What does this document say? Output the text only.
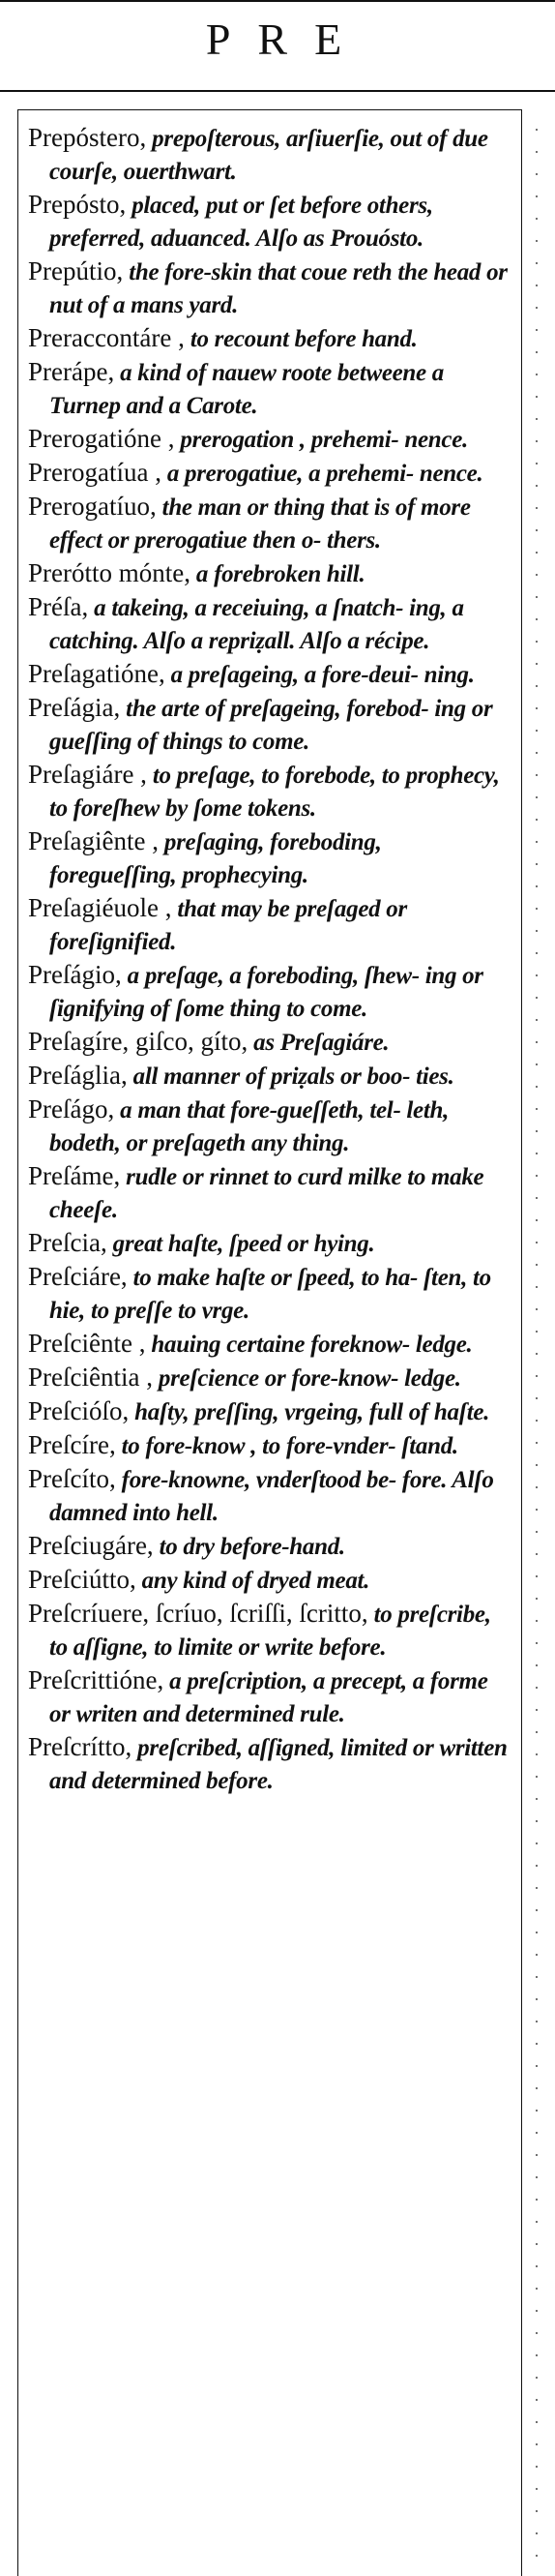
PRE

Prepóstero, prepoſterous, arſiuerſie, out of due courſe, ouerthwart.

Prepósto, placed, put or ſet before others, preferred, aduanced. Alſo as Prouósto.

Prepútio, the fore-skin that coue reth the head or nut of a mans yard.

Preraccontáre , to recount before hand.

Prerápe, a kind of nauew roote betweene a Turnep and a Carote.

Prerogatióne , prerogation , prehemi- nence.

Prerogatíua , a prerogatiue, a prehemi- nence.

Prerogatíuo, the man or thing that is of more effect or prerogatiue then o- thers.

Prerótto mónte, a forebroken hill.

Préſa, a takeing, a receiuing, a ſnatch- ing, a catching. Alſo a repriẓall. Alſo a récipe.

Preſagatióne, a preſageing, a fore-deui- ning.

Preſágia, the arte of preſageing, forebod- ing or gueſſing of things to come.

Preſagiáre , to preſage, to forebode, to prophecy, to foreſhew by ſome tokens.

Preſagiênte , preſaging, foreboding, foregueſſing, prophecying.

Preſagiéuole , that may be preſaged or foreſignified.

Preſágio, a preſage, a foreboding, ſhew- ing or ſignifying of ſome thing to come.

Preſagíre, giſco, gíto, as Preſagiáre.

Preſáglia, all manner of priẓals or boo- ties.

Preſágo, a man that fore-gueſſeth, tel- leth, bodeth, or preſageth any thing.

Preſáme, rudle or rinnet to curd milke to make cheeſe.

Preſcia, great haſte, ſpeed or hying.

Preſciáre, to make haſte or ſpeed, to ha- ſten, to hie, to preſſe to vrge.

Preſciênte , hauing certaine foreknow- ledge.

Preſciêntia , preſcience or fore-know- ledge.

Preſcióſo, haſty, preſſing, vrgeing, full of haſte.

Preſcíre, to fore-know , to fore-vnder- ſtand.

Preſcíto, fore-knowne, vnderſtood be- fore. Alſo damned into hell.

Preſciugáre, to dry before-hand.

Preſciútto, any kind of dryed meat.

Preſcríuere, ſcríuo, ſcriſſi, ſcritto, to preſcribe, to aſſigne, to limite or write before.

Preſcrittióne, a preſcription, a precept, a forme or writen and determined rule.

Preſcrítto, preſcribed, aſſigned, limited or written and determined before.
